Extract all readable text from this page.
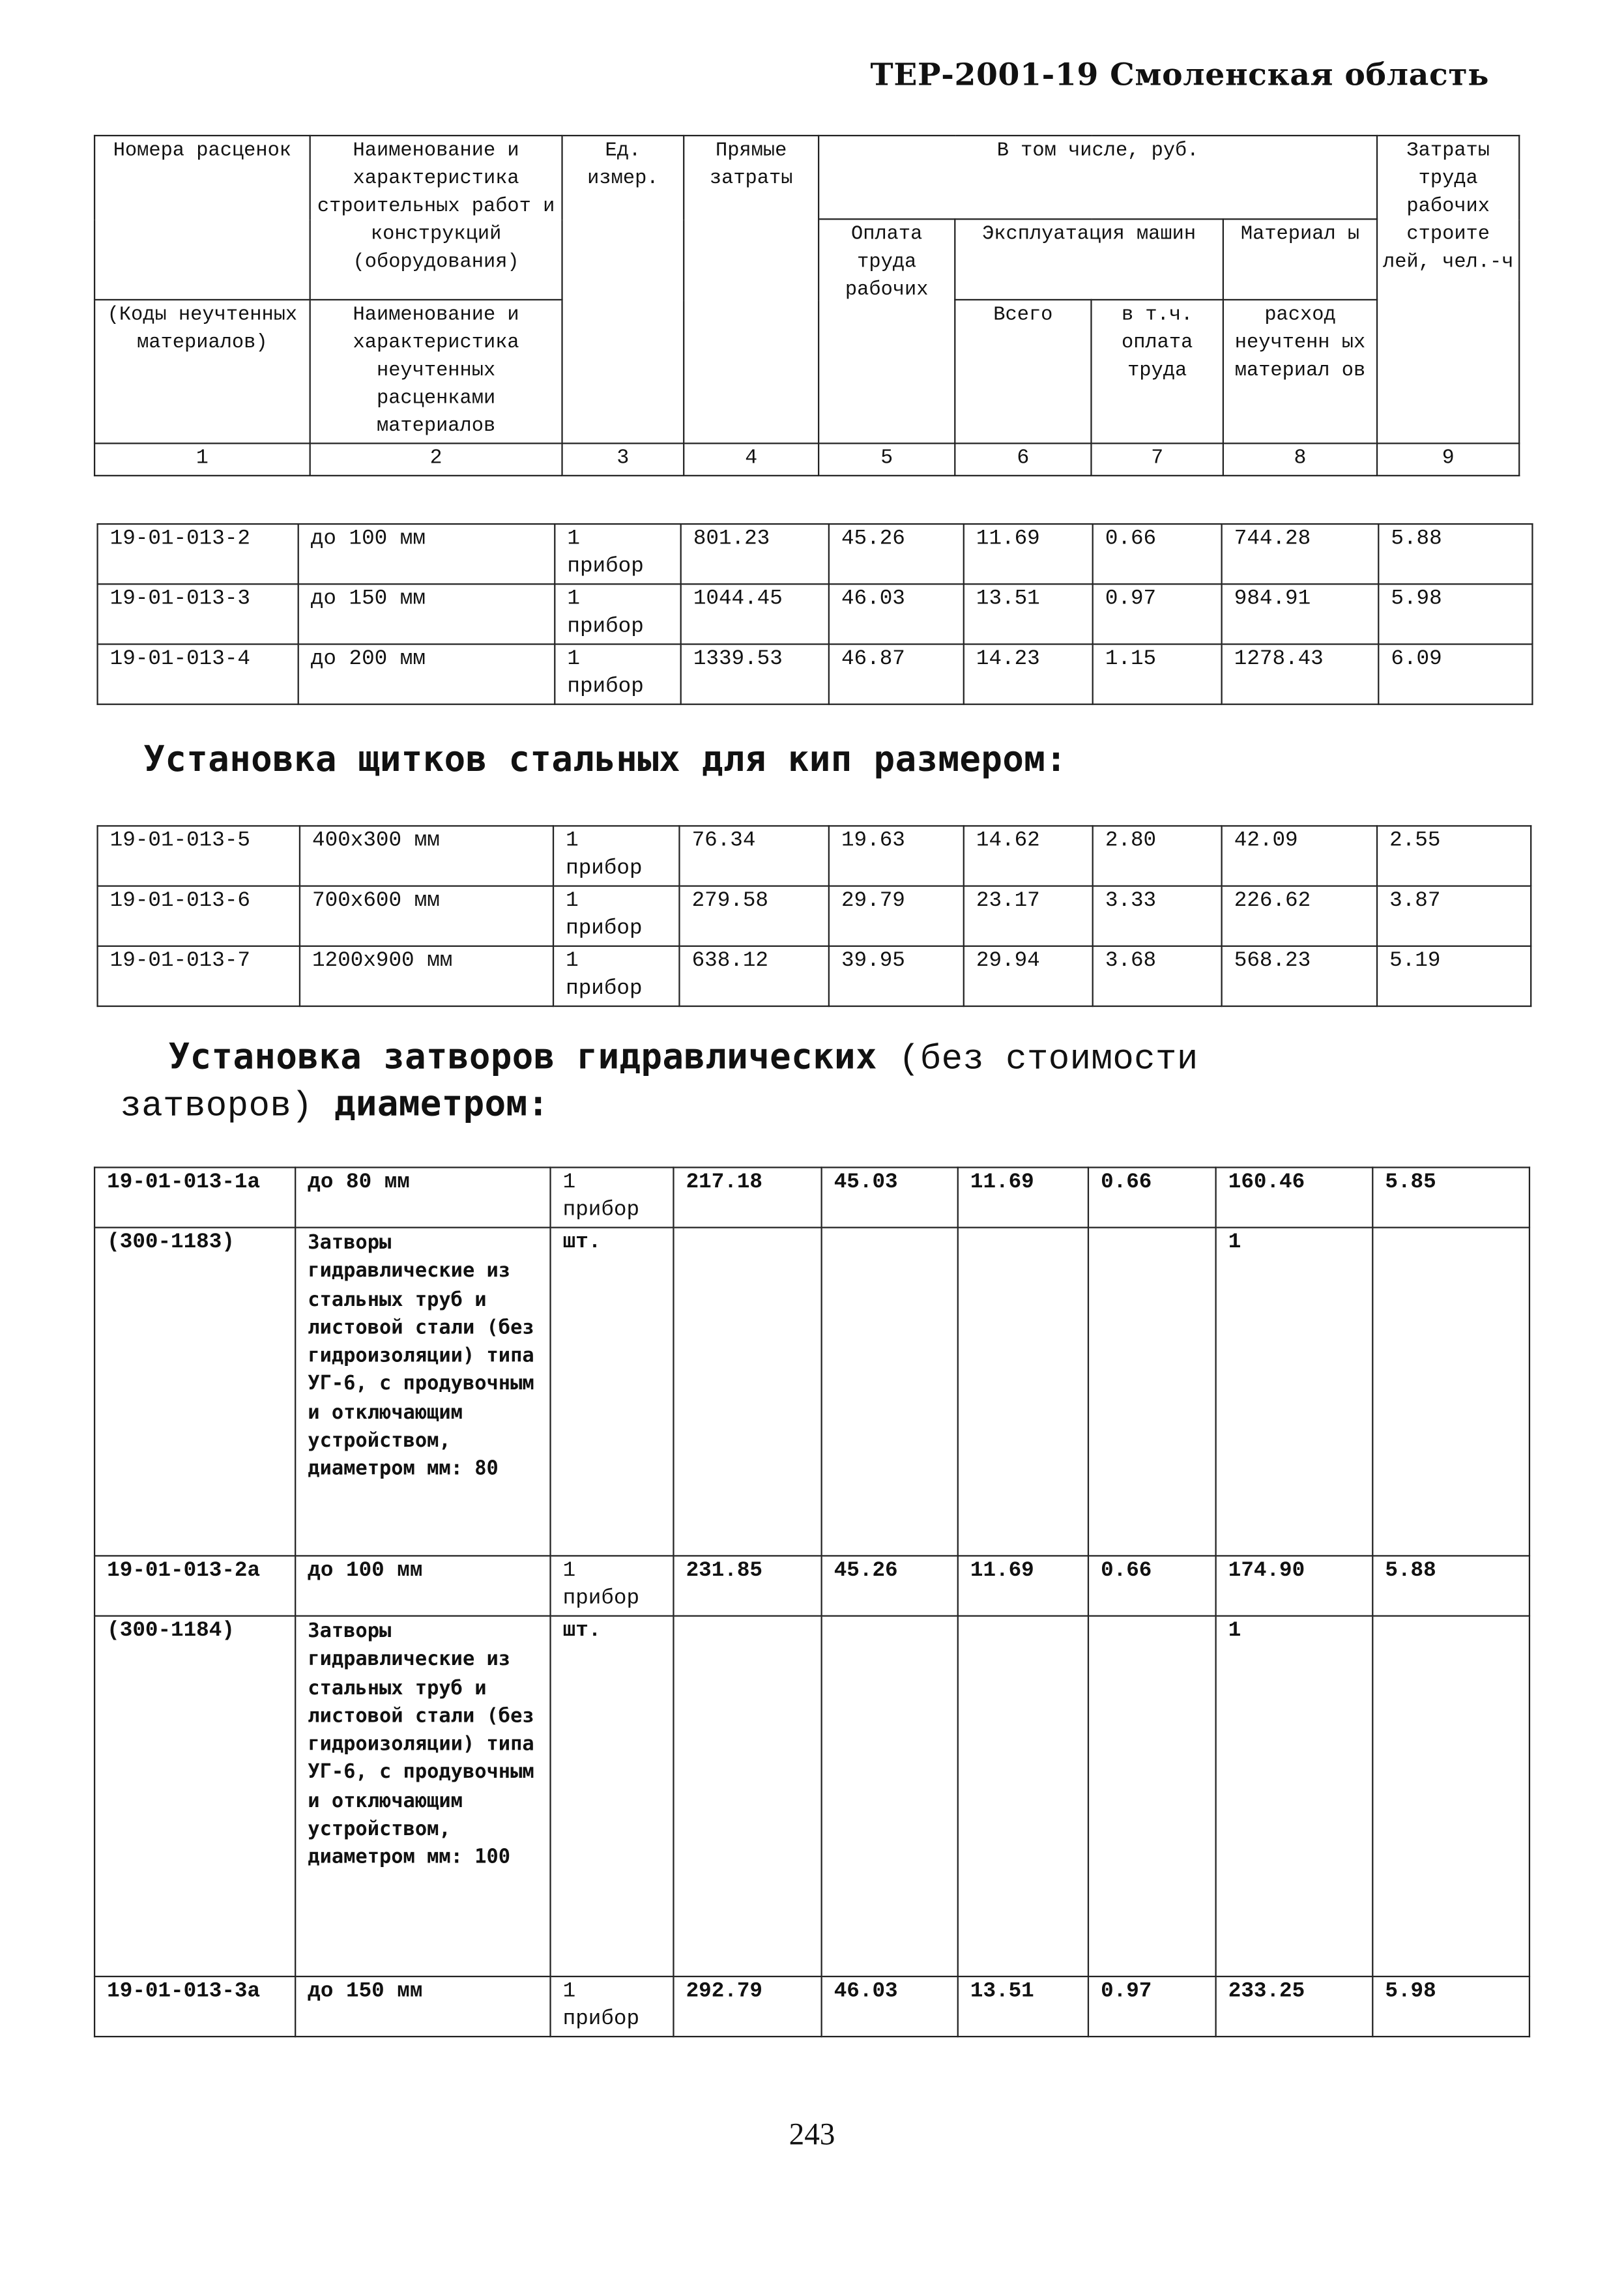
ТЕР-2001-19 Смоленская область
Номера расценок	Наименование и характеристика строительных работ и конструкций (оборудования)	Ед. измер.	Прямые затраты	В том числе, руб.				Затраты труда рабочих строите лей, чел.-ч
				Оплата труда рабочих	Эксплуатация машин		Материал ы	
(Коды неучтенных материалов)	Наименование и характеристика неучтенных расценками материалов				Всего	в т.ч. оплата труда	расход неучтенн ых материал ов	
1	2	3	4	5	6	7	8	9
19-01-013-2	до 100 мм	1 прибор	801.23	45.26	11.69	0.66	744.28	5.88
19-01-013-3	до 150 мм	1 прибор	1044.45	46.03	13.51	0.97	984.91	5.98
19-01-013-4	до 200 мм	1 прибор	1339.53	46.87	14.23	1.15	1278.43	6.09
Установка щитков стальных для кип размером:
19-01-013-5	400x300 мм	1 прибор	76.34	19.63	14.62	2.80	42.09	2.55
19-01-013-6	700x600 мм	1 прибор	279.58	29.79	23.17	3.33	226.62	3.87
19-01-013-7	1200x900 мм	1 прибор	638.12	39.95	29.94	3.68	568.23	5.19
Установка затворов гидравлических (без стоимости
затворов) диаметром:
19-01-013-1а	до 80 мм	1 прибор	217.18	45.03	11.69	0.66	160.46	5.85
(300-1183)	Затворы гидравлические из стальных труб и листовой стали (без гидроизоляции) типа УГ-6, с продувочным и отключающим устройством, диаметром мм: 80	шт.					1	
19-01-013-2а	до 100 мм	1 прибор	231.85	45.26	11.69	0.66	174.90	5.88
(300-1184)	Затворы гидравлические из стальных труб и листовой стали (без гидроизоляции) типа УГ-6, с продувочным и отключающим устройством, диаметром мм: 100	шт.					1	
19-01-013-3а	до 150 мм	1 прибор	292.79	46.03	13.51	0.97	233.25	5.98
243
